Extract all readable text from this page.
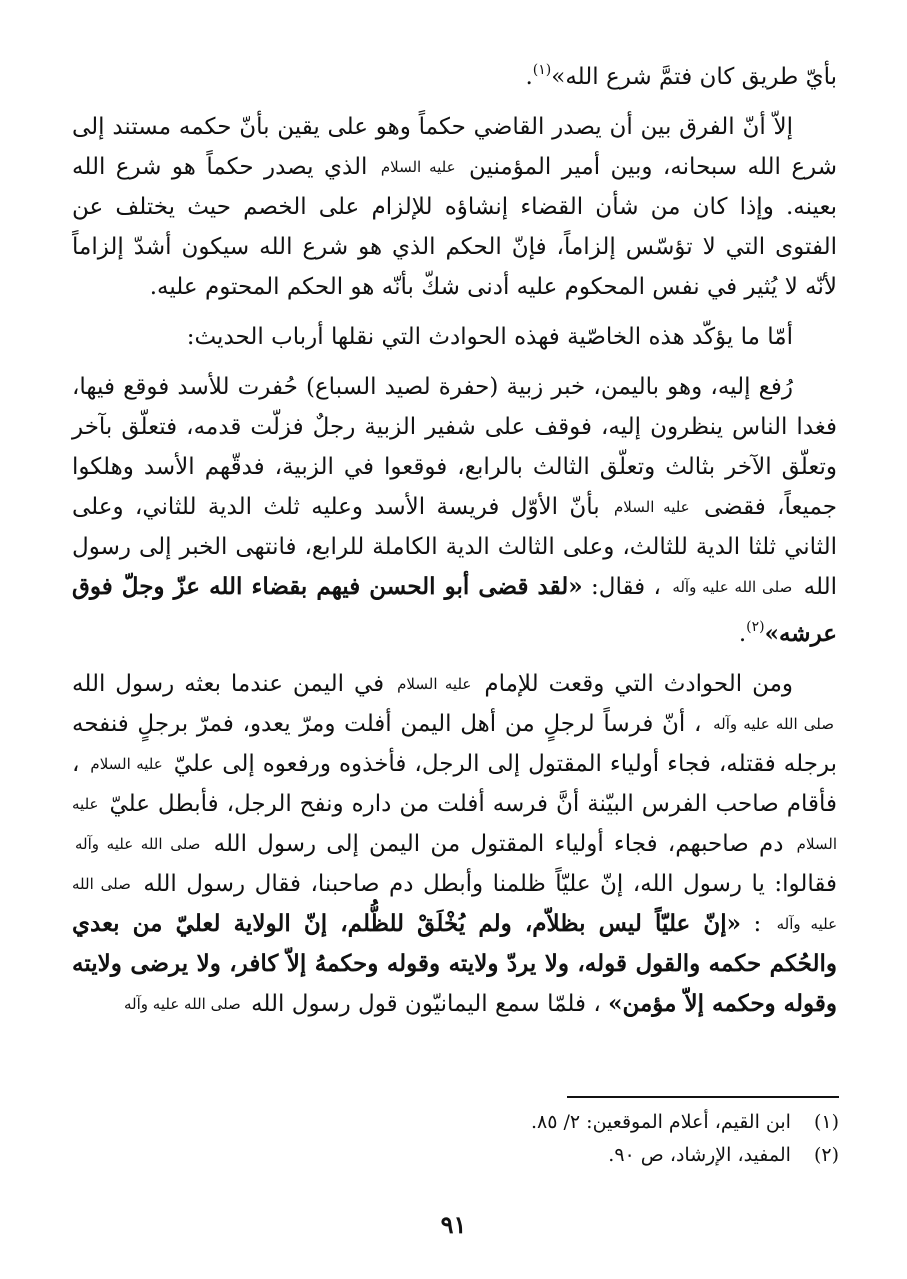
بأيّ طريق كان فتمَّ شرع الله»$^{(١)}$.

إلاّ أنّ الفرق بين أن يصدر القاضي حكماً وهو على يقين بأنّ حكمه مستند إلى شرع الله سبحانه، وبين أمير المؤمنين عليه السلام الذي يصدر حكماً هو شرع الله بعينه. وإذا كان من شأن القضاء إنشاؤه للإلزام على الخصم حيث يختلف عن الفتوى التي لا تؤسّس إلزاماً، فإنّ الحكم الذي هو شرع الله سيكون أشدّ إلزاماً لأنّه لا يُثير في نفس المحكوم عليه أدنى شكّ بأنّه هو الحكم المحتوم عليه.

أمّا ما يؤكّد هذه الخاصّية فهذه الحوادث التي نقلها أرباب الحديث:

رُفع إليه، وهو باليمن، خبر زبية (حفرة لصيد السباع) حُفرت للأسد فوقع فيها، فغدا الناس ينظرون إليه، فوقف على شفير الزبية رجلٌ فزلّت قدمه، فتعلّق بآخر وتعلّق الآخر بثالث وتعلّق الثالث بالرابع، فوقعوا في الزبية، فدقّهم الأسد وهلكوا جميعاً، فقضى عليه السلام بأنّ الأوّل فريسة الأسد وعليه ثلث الدية للثاني، وعلى الثاني ثلثا الدية للثالث، وعلى الثالث الدية الكاملة للرابع، فانتهى الخبر إلى رسول الله صلى الله عليه وآله ، فقال: «لقد قضى أبو الحسن فيهم بقضاء الله عزّ وجلّ فوق عرشه»$^{(٢)}$.

ومن الحوادث التي وقعت للإمام عليه السلام في اليمن عندما بعثه رسول الله صلى الله عليه وآله ، أنّ فرساً لرجلٍ من أهل اليمن أفلت ومرّ يعدو، فمرّ برجلٍ فنفحه برجله فقتله، فجاء أولياء المقتول إلى الرجل، فأخذوه ورفعوه إلى عليّ عليه السلام ، فأقام صاحب الفرس البيّنة أنَّ فرسه أفلت من داره ونفح الرجل، فأبطل عليّ عليه السلام دم صاحبهم، فجاء أولياء المقتول من اليمن إلى رسول الله صلى الله عليه وآله فقالوا: يا رسول الله، إنّ عليّاً ظلمنا وأبطل دم صاحبنا، فقال رسول الله صلى الله عليه وآله : «إنّ عليّاً ليس بظلاّم، ولم يُخْلَقْ للظُّلم، إنّ الولاية لعليّ من بعدي والحُكم حكمه والقول قوله، ولا يردّ ولايته وقوله وحكمهُ إلاّ كافر، ولا يرضى ولايته وقوله وحكمه إلاّ مؤمن» ، فلمّا سمع اليمانيّون قول رسول الله صلى الله عليه وآله

(١) ابن القيم، أعلام الموقعين: ٢/ ٨٥.
(٢) المفيد، الإرشاد، ص ٩٠.
٩١
